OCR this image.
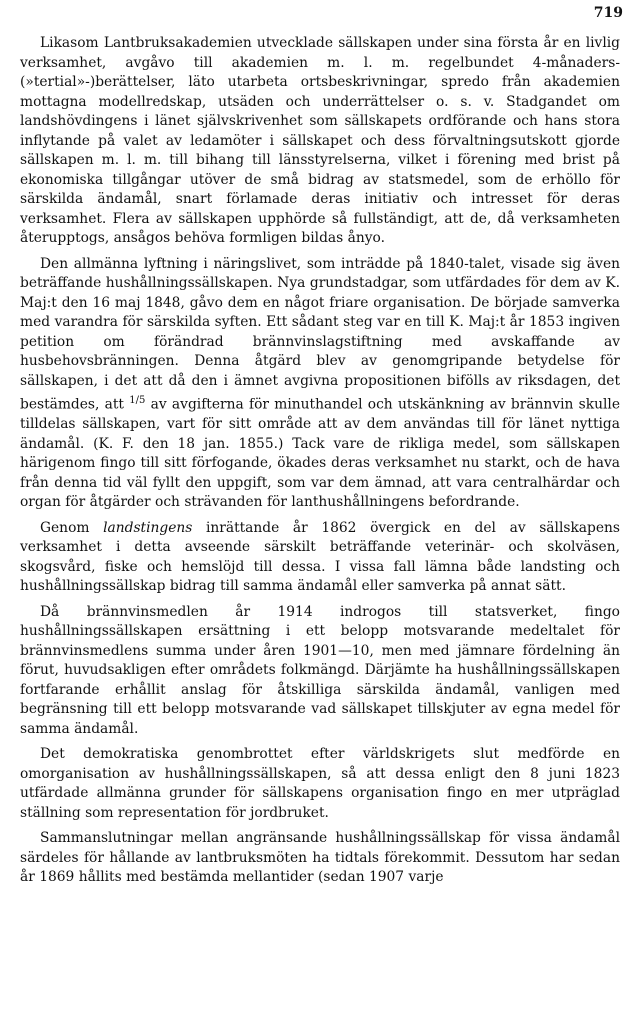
719

Likasom Lantbruksakademien utvecklade sällskapen under sina första år en livlig verksamhet, avgåvo till akademien m. l. m. regelbundet 4-månaders-(»tertial»-)berättelser, läto utarbeta ortsbeskrivningar, spredo från akademien mottagna modellredskap, utsäden och underrättelser o. s. v. Stadgandet om landshövdingens i länet självskrivenhet som sällskapets ordförande och hans stora inflytande på valet av ledamöter i sällskapet och dess förvaltningsutskott gjorde sällskapen m. l. m. till bihang till länsstyrelserna, vilket i förening med brist på ekonomiska tillgångar utöver de små bidrag av statsmedel, som de erhöllo för särskilda ändamål, snart förlamade deras initiativ och intresset för deras verksamhet. Flera av sällskapen upphörde så fullständigt, att de, då verksamheten återupptogs, ansågos behöva formligen bildas ånyo.

Den allmänna lyftning i näringslivet, som inträdde på 1840-talet, visade sig även beträffande hushållningssällskapen. Nya grundstadgar, som utfärdades för dem av K. Maj:t den 16 maj 1848, gåvo dem en något friare organisation. De började samverka med varandra för särskilda syften. Ett sådant steg var en till K. Maj:t år 1853 ingiven petition om förändrad brännvinslagstiftning med avskaffande av husbehovsbränningen. Denna åtgärd blev av genomgripande betydelse för sällskapen, i det att då den i ämnet avgivna propositionen bifölls av riksdagen, det bestämdes, att $^{1/5}$ av avgifterna för minuthandel och utskänkning av brännvin skulle tilldelas sällskapen, vart för sitt område att av dem användas till för länet nyttiga ändamål. (K. F. den 18 jan. 1855.) Tack vare de rikliga medel, som sällskapen härigenom fingo till sitt förfogande, ökades deras verksamhet nu starkt, och de hava från denna tid väl fyllt den uppgift, som var dem ämnad, att vara centralhärdar och organ för åtgärder och strävanden för lanthushållningens befordrande.

Genom landstingens inrättande år 1862 övergick en del av sällskapens verksamhet i detta avseende särskilt beträffande veterinär- och skolväsen, skogsvård, fiske och hemslöjd till dessa. I vissa fall lämna både landsting och hushållningssällskap bidrag till samma ändamål eller samverka på annat sätt.

Då brännvinsmedlen år 1914 indrogos till statsverket, fingo hushållningssällskapen ersättning i ett belopp motsvarande medeltalet för brännvinsmedlens summa under åren 1901—10, men med jämnare fördelning än förut, huvudsakligen efter områdets folkmängd. Därjämte ha hushållningssällskapen fortfarande erhållit anslag för åtskilliga särskilda ändamål, vanligen med begränsning till ett belopp motsvarande vad sällskapet tillskjuter av egna medel för samma ändamål.

Det demokratiska genombrottet efter världskrigets slut medförde en omorganisation av hushållningssällskapen, så att dessa enligt den 8 juni 1823 utfärdade allmänna grunder för sällskapens organisation fingo en mer utpräglad ställning som representation för jordbruket.

Sammanslutningar mellan angränsande hushållningssällskap för vissa ändamål särdeles för hållande av lantbruksmöten ha tidtals förekommit. Dessutom har sedan år 1869 hållits med bestämda mellantider (sedan 1907 varje
